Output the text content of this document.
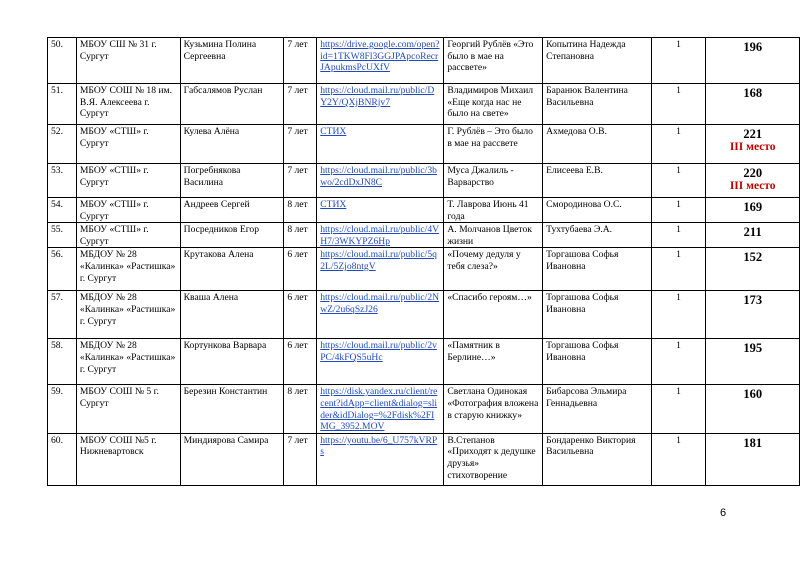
50.	МБОУ СШ № 31 г. Сургут	Кузьмина Полина Сергеевна	7 лет	https://drive.google.com/open?id=1TKW8Fl3GGJPApcoRecrJApukmsPcUXfV	Георгий Рублёв «Это было в мае на рассвете»	Копытина Надежда Степановна	1	196
51.	МБОУ СОШ № 18 им. В.Я. Алексеева г. Сургут	Габсалямов Руслан	7 лет	https://cloud.mail.ru/public/DY2Y/QXjBNRjv7	Владимиров Михаил «Еще когда нас не было на свете»	Баранюк Валентина Васильевна	1	168
52.	МБОУ «СТШ» г. Сургут	Кулева Алёна	7 лет	СТИХ	Г. Рублёв – Это было в мае на рассвете	Ахмедова О.В.	1	221
III место

53.	МБОУ «СТШ» г. Сургут	Погребнякова Василина	7 лет	https://cloud.mail.ru/public/3bwo/2cdDxJN8C	Муса Джалиль - Варварство	Елисеева Е.В.	1	220
III место

54.	МБОУ «СТШ» г. Сургут	Андреев Сергей	8 лет	СТИХ	Т. Лаврова Июнь 41 года	Смородинова О.С.	1	169
55.	МБОУ «СТШ» г. Сургут	Посредников Егор	8 лет	https://cloud.mail.ru/public/4VH7/3WKYPZ6Hp	А. Молчанов Цветок жизни	Тухтубаева Э.А.	1	211
56.	МБДОУ № 28 «Калинка» «Растишка» г. Сургут	Крутакова Алена	6 лет	https://cloud.mail.ru/public/5q2L/5Zjo8ntgV	«Почему дедуля у тебя слеза?»	Торгашова Софья Ивановна	1	152
57.	МБДОУ № 28 «Калинка» «Растишка» г. Сургут	Кваша Алена	6 лет	https://cloud.mail.ru/public/2NwZ/2u6qSzJ26	«Спасибо героям…»	Торгашова Софья Ивановна	1	173
58.	МБДОУ № 28 «Калинка» «Растишка» г. Сургут	Кортункова Варвара	6 лет	https://cloud.mail.ru/public/2vPC/4kFQS5uHc	«Памятник в Берлине…»	Торгашова Софья Ивановна	1	195
59.	МБОУ СОШ № 5 г. Сургут	Березин Константин	8 лет	https://disk.yandex.ru/client/recent?idApp=client&dialog=slider&idDialog=%2Fdisk%2FIMG_3952.MOV	Светлана Одинокая «Фотография вложена в старую книжку»	Бибарсова Эльмира Геннадьевна	1	160
60.	МБОУ СОШ №5 г. Нижневартовск	Миндиярова Самира	7 лет	https://youtu.be/6_U757kVRPs	В.Степанов «Приходят к дедушке друзья» стихотворение	Бондаренко Виктория Васильевна	1	181
6
